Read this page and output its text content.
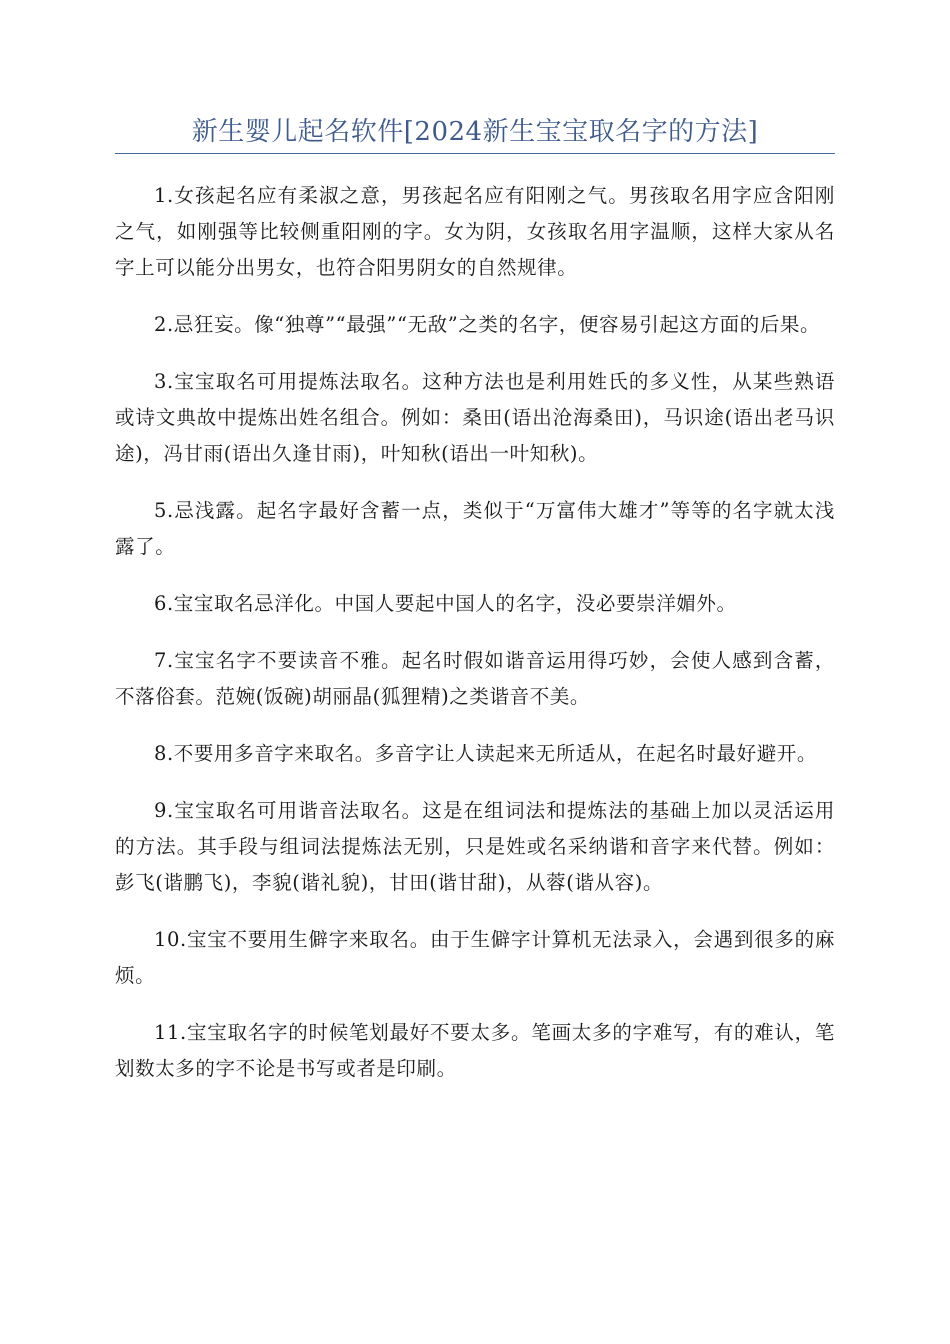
新生婴儿起名软件[2024新生宝宝取名字的方法]

1.女孩起名应有柔淑之意，男孩起名应有阳刚之气。男孩取名用字应含阳刚之气，如刚强等比较侧重阳刚的字。女为阴，女孩取名用字温顺，这样大家从名字上可以能分出男女，也符合阳男阴女的自然规律。

2.忌狂妄。像“独尊”“最强”“无敌”之类的名字，便容易引起这方面的后果。

3.宝宝取名可用提炼法取名。这种方法也是利用姓氏的多义性，从某些熟语或诗文典故中提炼出姓名组合。例如：桑田(语出沧海桑田)，马识途(语出老马识途)，冯甘雨(语出久逢甘雨)，叶知秋(语出一叶知秋)。

5.忌浅露。起名字最好含蓄一点，类似于“万富伟大雄才”等等的名字就太浅露了。

6.宝宝取名忌洋化。中国人要起中国人的名字，没必要崇洋媚外。

7.宝宝名字不要读音不雅。起名时假如谐音运用得巧妙，会使人感到含蓄，不落俗套。范婉(饭碗)胡丽晶(狐狸精)之类谐音不美。

8.不要用多音字来取名。多音字让人读起来无所适从，在起名时最好避开。

9.宝宝取名可用谐音法取名。这是在组词法和提炼法的基础上加以灵活运用的方法。其手段与组词法提炼法无别，只是姓或名采纳谐和音字来代替。例如：彭飞(谐鹏飞)，李貌(谐礼貌)，甘田(谐甘甜)，从蓉(谐从容)。

10.宝宝不要用生僻字来取名。由于生僻字计算机无法录入，会遇到很多的麻烦。

11.宝宝取名字的时候笔划最好不要太多。笔画太多的字难写，有的难认，笔划数太多的字不论是书写或者是印刷。
